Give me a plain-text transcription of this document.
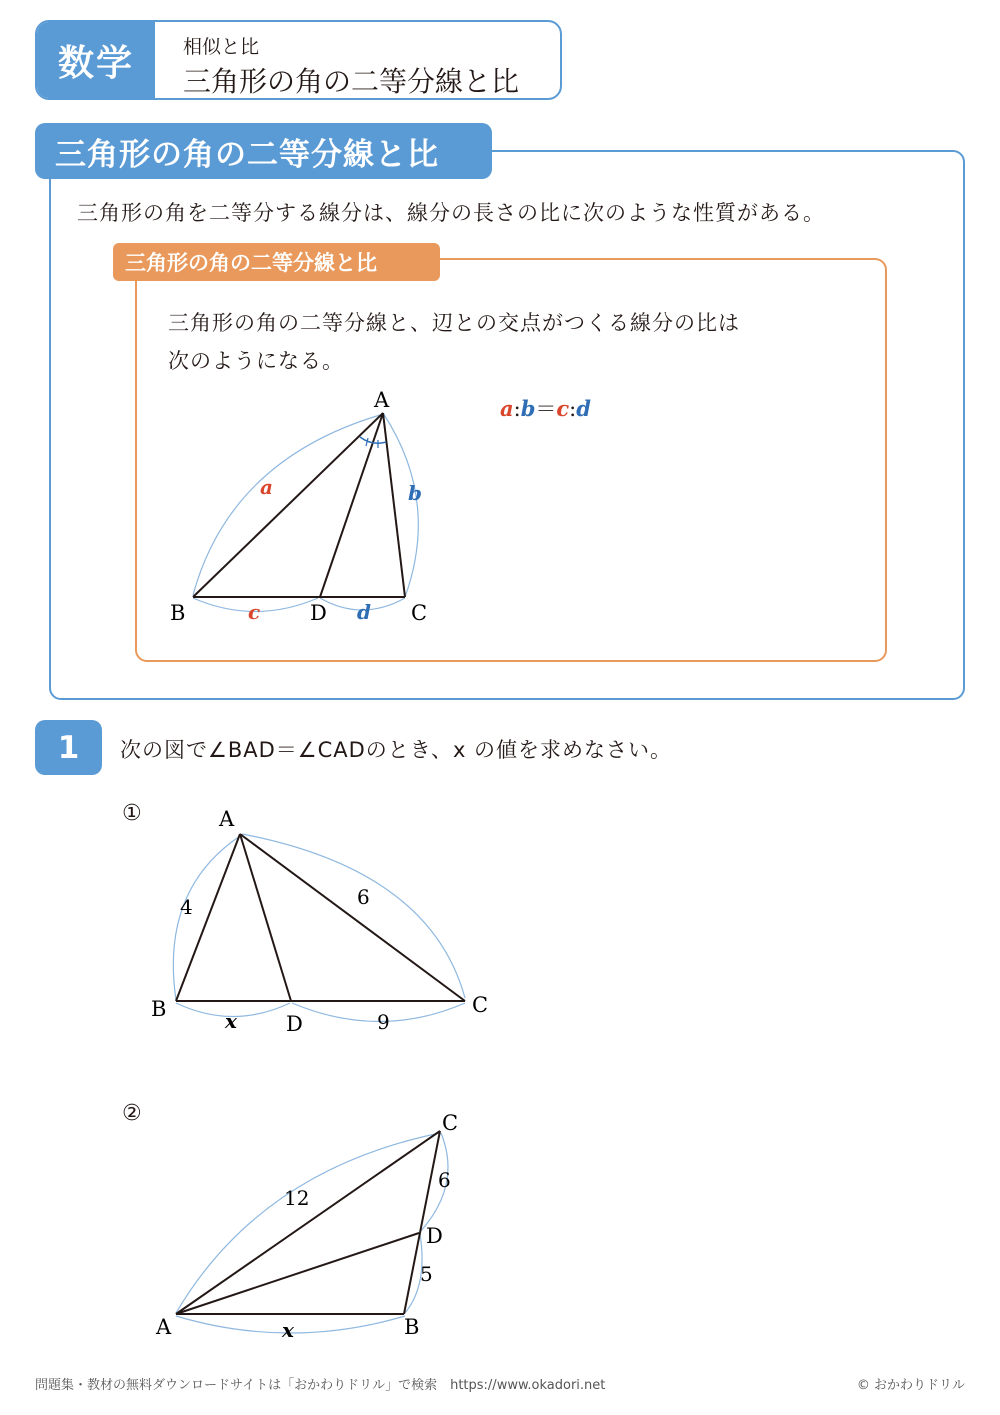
数学	相似と比
三角形の角の二等分線と比
三角形の角の二等分線と比
三角形の角を二等分する線分は、線分の長さの比に次のような性質がある。
三角形の角の二等分線と比
三角形の角の二等分線と、辺との交点がつくる線分の比は
次のようになる。
a:b＝c:d
A
B	D	C
a	b
c	d
A
B	C
D
4	6
x	9
A	B
C
D
12
6
5
x
1	次の図で∠BAD＝∠CADのとき、x の値を求めなさい。
①
②
問題集・教材の無料ダウンロードサイトは「おかわりドリル」で検索　https://www.okadori.net	© おかわりドリル
